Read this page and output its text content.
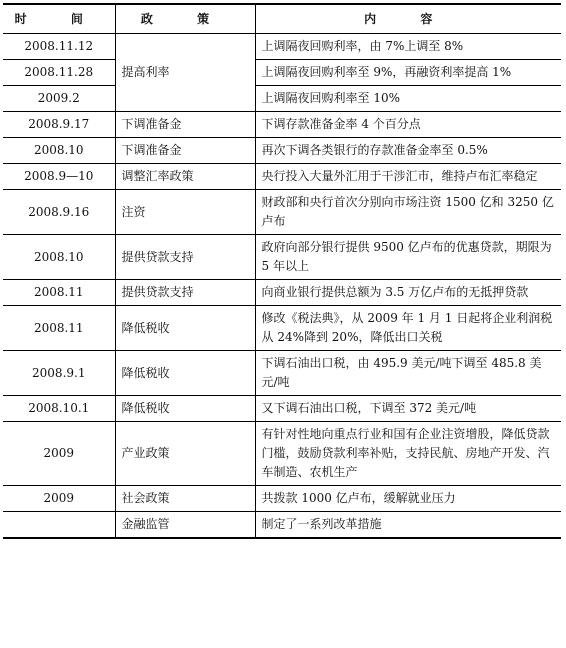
时 间	政 策	内 容
2008.11.12	提高利率	上调隔夜回购利率，由 7%上调至 8%
2008.11.28		上调隔夜回购利率至 9%，再融资利率提高 1%
2009.2		上调隔夜回购利率至 10%
2008.9.17	下调准备金	下调存款准备金率 4 个百分点
2008.10	下调准备金	再次下调各类银行的存款准备金率至 0.5%
2008.9—10	调整汇率政策	央行投入大量外汇用于干涉汇市，维持卢布汇率稳定
2008.9.16	注资	财政部和央行首次分别向市场注资 1500 亿和 3250 亿卢布
2008.10	提供贷款支持	政府向部分银行提供 9500 亿卢布的优惠贷款，期限为 5 年以上
2008.11	提供贷款支持	向商业银行提供总额为 3.5 万亿卢布的无抵押贷款
2008.11	降低税收	修改《税法典》，从 2009 年 1 月 1 日起将企业利润税从 24%降到 20%，降低出口关税
2008.9.1	降低税收	下调石油出口税，由 495.9 美元/吨下调至 485.8 美元/吨
2008.10.1	降低税收	又下调石油出口税，下调至 372 美元/吨
2009	产业政策	有针对性地向重点行业和国有企业注资增股，降低贷款门槛，鼓励贷款利率补贴，支持民航、房地产开发、汽车制造、农机生产
2009	社会政策	共拨款 1000 亿卢布，缓解就业压力
	金融监管	制定了一系列改革措施
